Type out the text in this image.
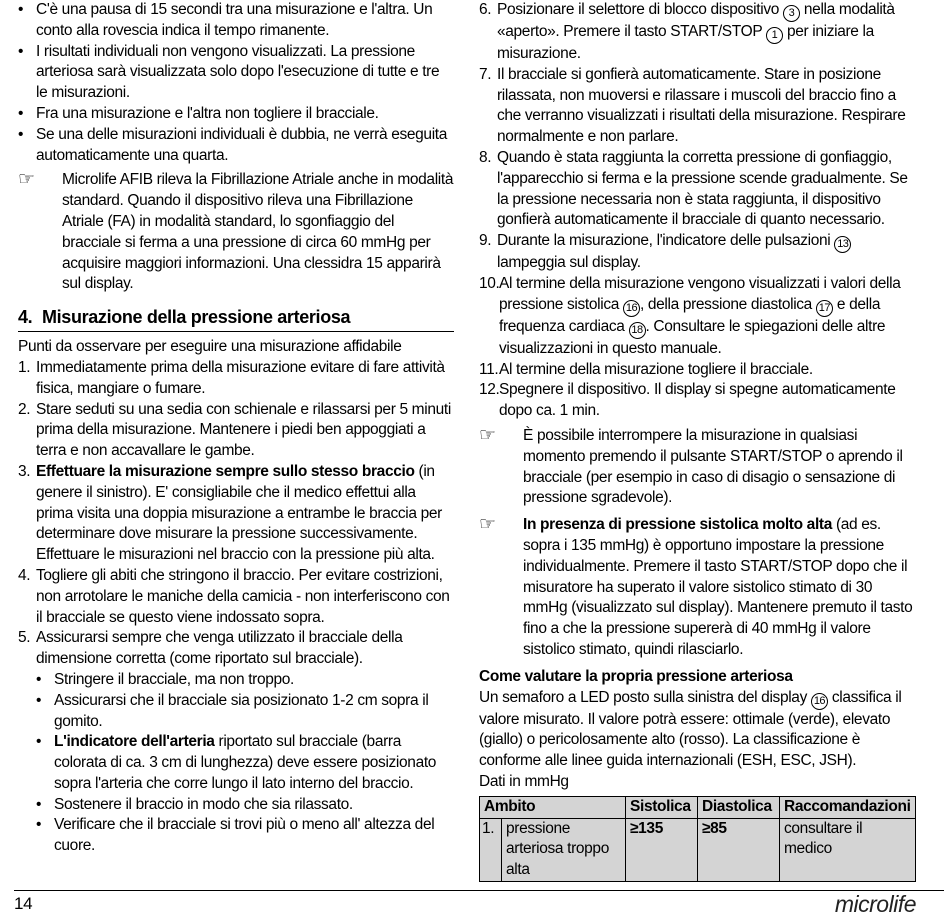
• C'è una pausa di 15 secondi tra una misurazione e l'altra. Un conto alla rovescia indica il tempo rimanente.
• I risultati individuali non vengono visualizzati. La pressione arteriosa sarà visualizzata solo dopo l'esecuzione di tutte e tre le misurazioni.
• Fra una misurazione e l'altra non togliere il bracciale.
• Se una delle misurazioni individuali è dubbia, ne verrà eseguita automaticamente una quarta.
☞	Microlife AFIB rileva la Fibrillazione Atriale anche in modalità standard. Quando il dispositivo rileva una Fibrillazione Atriale (FA) in modalità standard, lo sgonfiaggio del bracciale si ferma a una pressione di circa 60 mmHg per acquisire maggiori informazioni. Una clessidra 15 apparirà sul display.
4. Misurazione della pressione arteriosa
Punti da osservare per eseguire una misurazione affidabile
1. Immediatamente prima della misurazione evitare di fare attività fisica, mangiare o fumare.
2. Stare seduti su una sedia con schienale e rilassarsi per 5 minuti prima della misurazione. Mantenere i piedi ben appoggiati a terra e non accavallare le gambe.
3. Effettuare la misurazione sempre sullo stesso braccio (in genere il sinistro). E' consigliabile che il medico effettui alla prima visita una doppia misurazione a entrambe le braccia per determinare dove misurare la pressione successivamente. Effettuare le misurazioni nel braccio con la pressione più alta.
4. Togliere gli abiti che stringono il braccio. Per evitare costrizioni, non arrotolare le maniche della camicia - non interferiscono con il bracciale se questo viene indossato sopra.
5. Assicurarsi sempre che venga utilizzato il bracciale della dimensione corretta (come riportato sul bracciale).
• Stringere il bracciale, ma non troppo.
• Assicurarsi che il bracciale sia posizionato 1-2 cm sopra il gomito.
• L'indicatore dell'arteria riportato sul bracciale (barra colorata di ca. 3 cm di lunghezza) deve essere posizionato sopra l'arteria che corre lungo il lato interno del braccio.
• Sostenere il braccio in modo che sia rilassato.
• Verificare che il bracciale si trovi più o meno all' altezza del cuore.
6. Posizionare il selettore di blocco dispositivo 3 nella modalità «aperto». Premere il tasto START/STOP 1 per iniziare la misurazione.
7. Il bracciale si gonfierà automaticamente. Stare in posizione rilassata, non muoversi e rilassare i muscoli del braccio fino a che verranno visualizzati i risultati della misurazione. Respirare normalmente e non parlare.
8. Quando è stata raggiunta la corretta pressione di gonfiaggio, l'apparecchio si ferma e la pressione scende gradualmente. Se la pressione necessaria non è stata raggiunta, il dispositivo gonfierà automaticamente il bracciale di quanto necessario.
9. Durante la misurazione, l'indicatore delle pulsazioni 13 lampeggia sul display.
10. Al termine della misurazione vengono visualizzati i valori della pressione sistolica 16 , della pressione diastolica 17 e della frequenza cardiaca 18 . Consultare le spiegazioni delle altre visualizzazioni in questo manuale.
11. Al termine della misurazione togliere il bracciale.
12. Spegnere il dispositivo. Il display si spegne automaticamente dopo ca. 1 min.
☞	È possibile interrompere la misurazione in qualsiasi momento premendo il pulsante START/STOP o aprendo il bracciale (per esempio in caso di disagio o sensazione di pressione sgradevole).
☞	In presenza di pressione sistolica molto alta (ad es. sopra i 135 mmHg) è opportuno impostare la pressione individualmente. Premere il tasto START/STOP dopo che il misuratore ha superato il valore sistolico stimato di 30 mmHg (visualizzato sul display). Mantenere premuto il tasto fino a che la pressione supererà di 40 mmHg il valore sistolico stimato, quindi rilasciarlo.
Come valutare la propria pressione arteriosa
Un semaforo a LED posto sulla sinistra del display 16 classifica il valore misurato. Il valore potrà essere: ottimale (verde), elevato (giallo) o pericolosamente alto (rosso). La classificazione è conforme alle linee guida internazionali (ESH, ESC, JSH).
Dati in mmHg
Ambito		Sistolica	Diastolica	Raccomandazioni
1.	pressione arteriosa troppo alta	≥135	≥85	consultare il medico
14	microlife
